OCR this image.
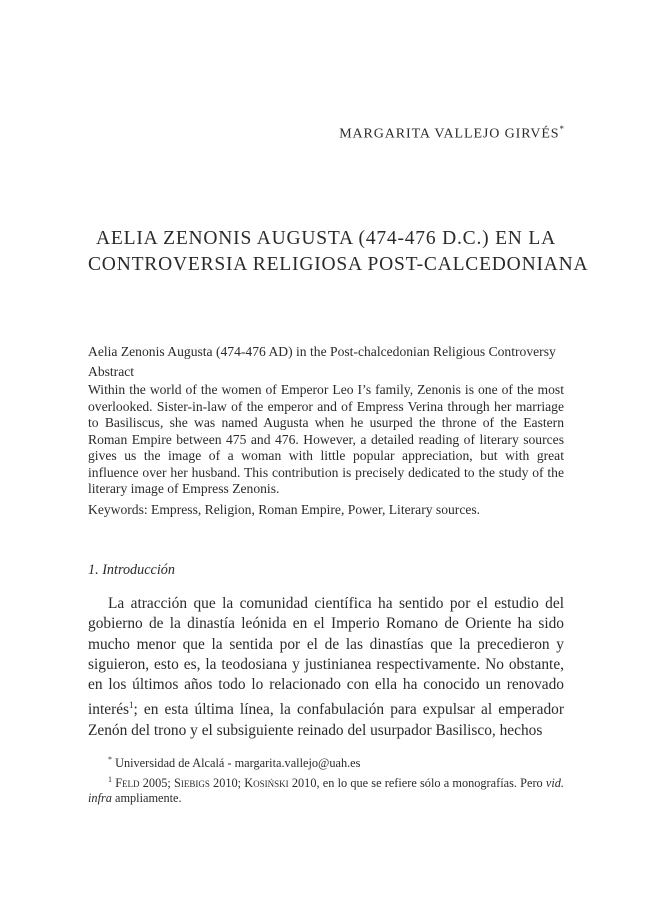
MARGARITA VALLEJO GIRVÉS*
AELIA ZENONIS AUGUSTA (474-476 D.C.) EN LA
CONTROVERSIA RELIGIOSA POST-CALCEDONIANA

Aelia Zenonis Augusta (474-476 AD) in the Post-chalcedonian Religious Controversy

Abstract

Within the world of the women of Emperor Leo I’s family, Zenonis is one of the most overlooked. Sister-in-law of the emperor and of Empress Verina through her marriage to Basiliscus, she was named Augusta when he usurped the throne of the Eastern Roman Empire between 475 and 476. However, a detailed reading of literary sources gives us the image of a woman with little popular appreciation, but with great influence over her husband. This contribution is precisely dedicated to the study of the literary image of Empress Zenonis.

Keywords: Empress, Religion, Roman Empire, Power, Literary sources.

1. Introducción

La atracción que la comunidad científica ha sentido por el estudio del gobierno de la dinastía leónida en el Imperio Romano de Oriente ha sido mucho menor que la sentida por el de las dinastías que la precedieron y siguieron, esto es, la teodosiana y justinianea respectivamente. No obstante, en los últimos años todo lo relacionado con ella ha conocido un renovado interés$^1$; en esta última línea, la confabulación para expulsar al emperador Zenón del trono y el subsiguiente reinado del usurpador Basilisco, hechos

* Universidad de Alcalá - margarita.vallejo@uah.es

$^1$ Feld 2005; Siebigs 2010; Kosiński 2010, en lo que se refiere sólo a monografías. Pero vid. infra ampliamente.
